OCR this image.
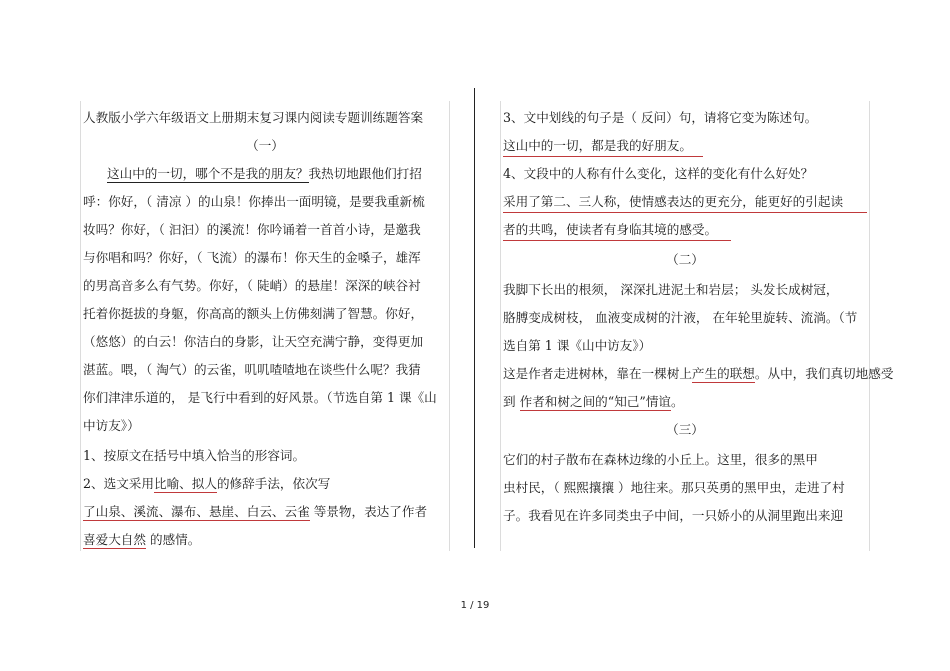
人教版小学六年级语文上册期末复习课内阅读专题训练题答案
（一）
这山中的一切，哪个不是我的朋友？我热切地跟他们打招
呼：你好，（ 清凉 ）的山泉！你捧出一面明镜，是要我重新梳
妆吗？你好，（ 汩汩）的溪流！你吟诵着一首首小诗，是邀我
与你唱和吗？你好，（ 飞流）的瀑布！你天生的金嗓子，雄浑
的男高音多么有气势。你好，（ 陡峭）的悬崖！深深的峡谷衬
托着你挺拔的身躯，你高高的额头上仿佛刻满了智慧。你好，
（悠悠）的白云！你洁白的身影，让天空充满宁静，变得更加
湛蓝。喂，（ 淘气）的云雀，叽叽喳喳地在谈些什么呢？我猜
你们津津乐道的， 是飞行中看到的好风景。（节选自第 1 课《山
中访友》）
1、按原文在括号中填入恰当的形容词。
2、选文采用比喻、拟人的修辞手法，依次写
了山泉、溪流、瀑布、悬崖、白云、云雀 等景物，表达了作者
喜爱大自然 的感情。
3、文中划线的句子是（ 反问）句，请将它变为陈述句。
这山中的一切，都是我的好朋友。
4、文段中的人称有什么变化，这样的变化有什么好处？
采用了第二、三人称，使情感表达的更充分，能更好的引起读
者的共鸣，使读者有身临其境的感受。
（二）
我脚下长出的根须， 深深扎进泥土和岩层； 头发长成树冠，
胳膊变成树枝， 血液变成树的汁液， 在年轮里旋转、流淌。（节
选自第 1 课《山中访友》）
这是作者走进树林，靠在一棵树上产生的联想。从中，我们真切地感受
到 作者和树之间的“知己”情谊。
（三）
它们的村子散布在森林边缘的小丘上。这里，很多的黑甲
虫村民，（ 熙熙攘攘 ）地往来。那只英勇的黑甲虫，走进了村
子。我看见在许多同类虫子中间，一只娇小的从洞里跑出来迎
1 / 19
